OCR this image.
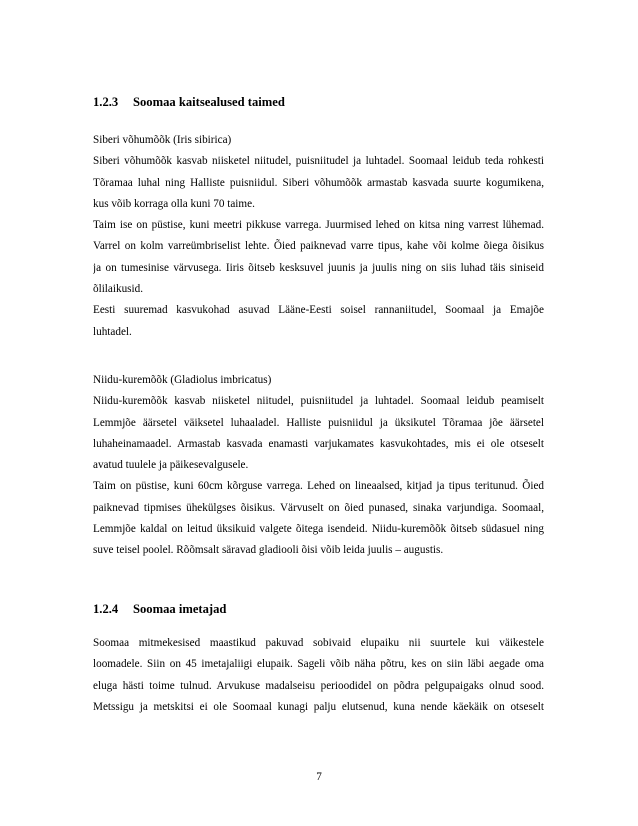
1.2.3 Soomaa kaitsealused taimed
Siberi võhumõõk (Iris sibirica)
Siberi võhumõõk kasvab niisketel niitudel, puisniitudel ja luhtadel. Soomaal leidub teda rohkesti
Tõramaa luhal ning Halliste puisniidul. Siberi võhumõõk armastab kasvada suurte kogumikena,
kus võib korraga olla kuni 70 taime.
Taim ise on püstise, kuni meetri pikkuse varrega. Juurmised lehed on kitsa ning varrest lühemad.
Varrel on kolm varreümbriselist lehte. Õied paiknevad varre tipus, kahe või kolme õiega õisikus
ja on tumesinise värvusega. Iiris õitseb kesksuvel juunis ja juulis ning on siis luhad täis siniseid
õlilaikusid.
Eesti suuremad kasvukohad asuvad Lääne-Eesti soisel rannaniitudel, Soomaal ja Emajõe
luhtadel.
Niidu-kuremõõk (Gladiolus imbricatus)
Niidu-kuremõõk kasvab niisketel niitudel, puisniitudel ja luhtadel. Soomaal leidub peamiselt
Lemmjõe äärsetel väiksetel luhaaladel. Halliste puisniidul ja üksikutel Tõramaa jõe äärsetel
luhaheinamaadel. Armastab kasvada enamasti varjukamates kasvukohtades, mis ei ole otseselt
avatud tuulele ja päikesevalgusele.
Taim on püstise, kuni 60cm kõrguse varrega. Lehed on lineaalsed, kitjad ja tipus teritunud. Õied
paiknevad tipmises ühekülgses õisikus. Värvuselt on õied punased, sinaka varjundiga. Soomaal,
Lemmjõe kaldal on leitud üksikuid valgete õitega isendeid. Niidu-kuremõõk õitseb südasuel ning
suve teisel poolel. Rõõmsalt säravad gladiooli õisi võib leida juulis – augustis.
1.2.4 Soomaa imetajad
Soomaa mitmekesised maastikud pakuvad sobivaid elupaiku nii suurtele kui väikestele
loomadele. Siin on 45 imetajaliigi elupaik. Sageli võib näha põtru, kes on siin läbi aegade oma
eluga hästi toime tulnud. Arvukuse madalseisu perioodidel on põdra pelgupaigaks olnud sood.
Metssigu ja metskitsi ei ole Soomaal kunagi palju elutsenud, kuna nende käekäik on otseselt
7
